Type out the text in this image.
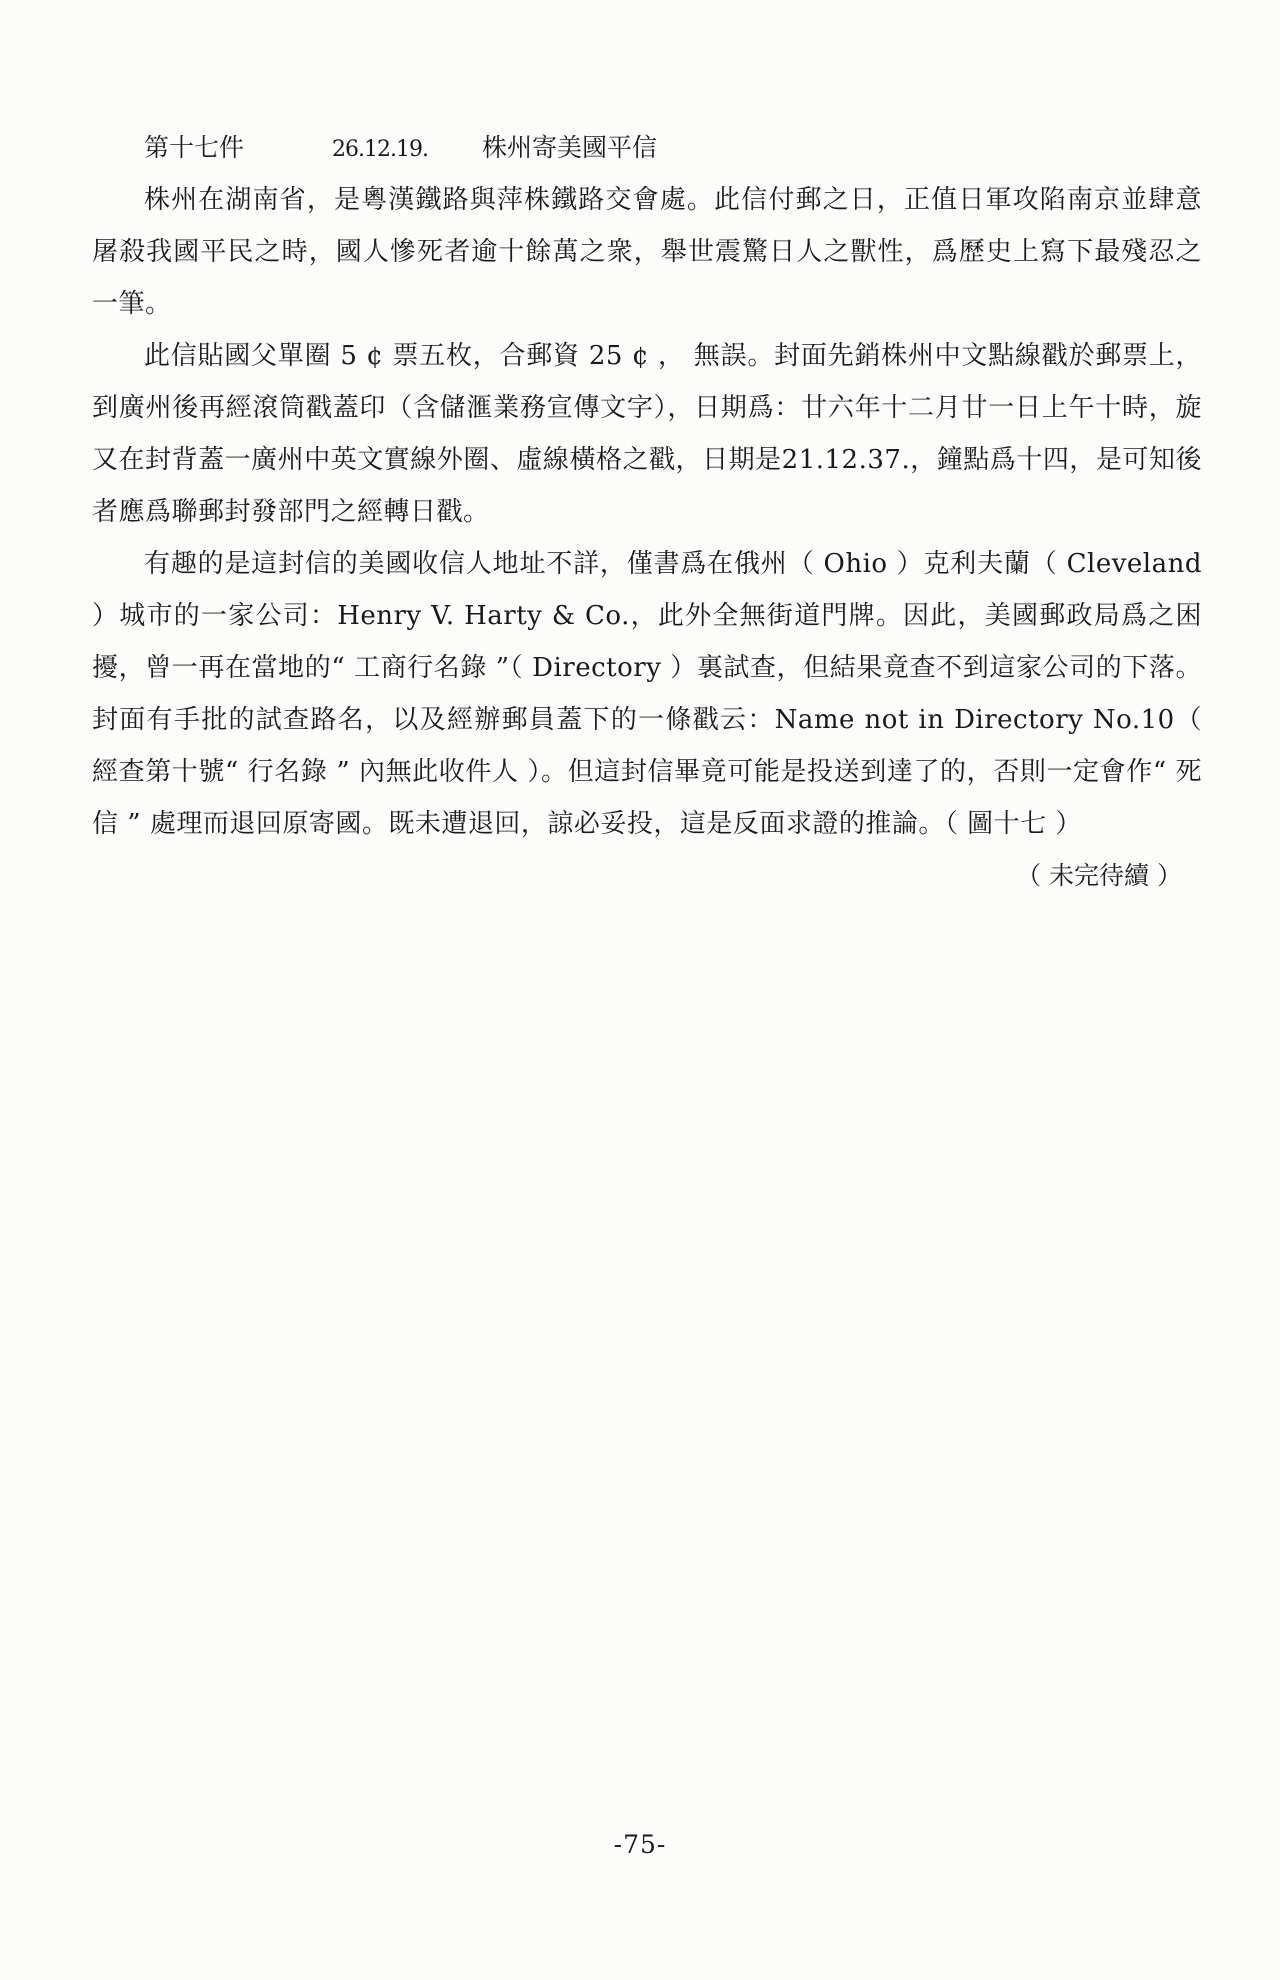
第十七件	26.12.19. 株州寄美國平信

株州在湖南省，是粵漢鐵路與萍株鐵路交會處。此信付郵之日，正值日軍攻陷南京並肆意屠殺我國平民之時，國人慘死者逾十餘萬之衆，舉世震驚日人之獸性，爲歷史上寫下最殘忍之一筆。

此信貼國父單圈 5 ¢ 票五枚，合郵資 25 ¢ ， 無誤。封面先銷株州中文點線戳於郵票上，到廣州後再經滾筒戳蓋印（含儲滙業務宣傳文字），日期爲：廿六年十二月廿一日上午十時，旋又在封背蓋一廣州中英文實線外圈、虛線橫格之戳，日期是21.12.37.，鐘點爲十四，是可知後者應爲聯郵封發部門之經轉日戳。

有趣的是這封信的美國收信人地址不詳，僅書爲在俄州（ Ohio ）克利夫蘭（ Cleveland ）城市的一家公司：Henry V. Harty & Co.，此外全無街道門牌。因此，美國郵政局爲之困擾，曾一再在當地的“ 工商行名錄 ”（ Directory ）裏試查，但結果竟查不到這家公司的下落。封面有手批的試查路名，以及經辦郵員蓋下的一條戳云：Name not in Directory No.10（ 經查第十號“ 行名錄 ” 內無此收件人 ）。但這封信畢竟可能是投送到達了的，否則一定會作“ 死信 ” 處理而退回原寄國。既未遭退回，諒必妥投，這是反面求證的推論。（ 圖十七 ）

（ 未完待續 ）
-75-
